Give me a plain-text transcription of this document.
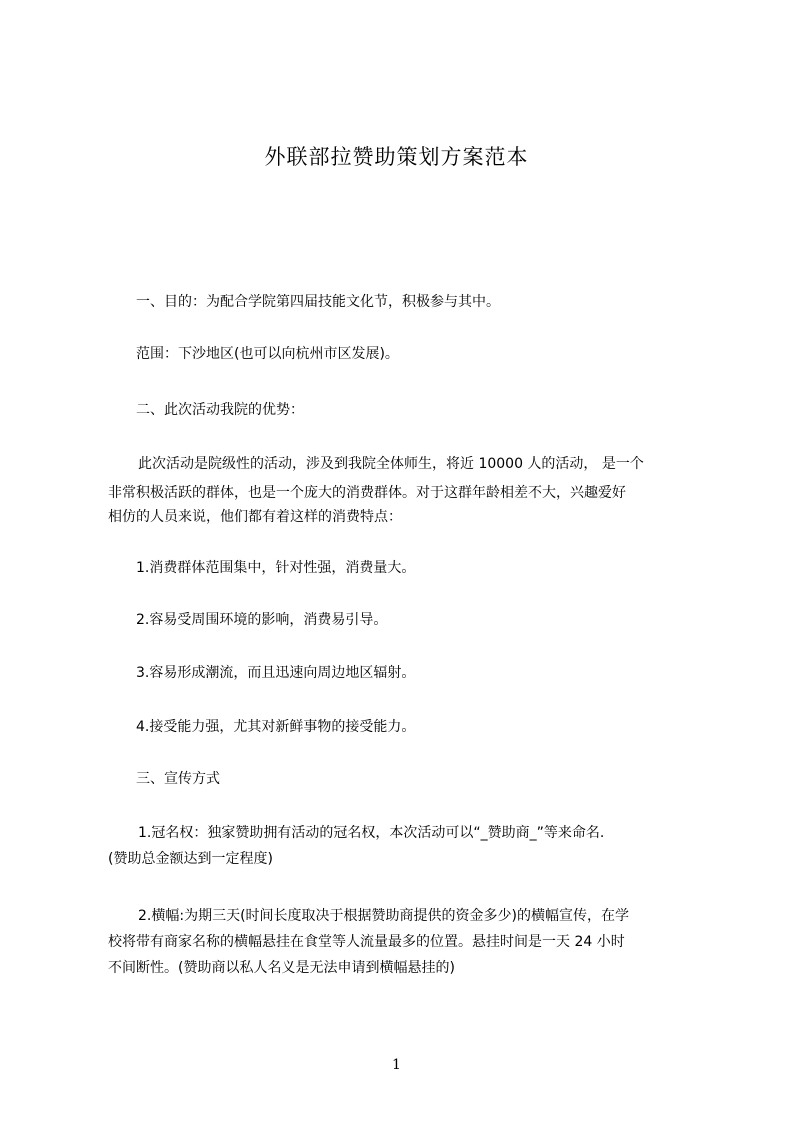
外联部拉赞助策划方案范本
一、目的：为配合学院第四届技能文化节，积极参与其中。
范围：下沙地区(也可以向杭州市区发展)。
二、此次活动我院的优势：
此次活动是院级性的活动，涉及到我院全体师生，将近 10000 人的活动， 是一个
非常积极活跃的群体，也是一个庞大的消费群体。对于这群年龄相差不大，兴趣爱好
相仿的人员来说，他们都有着这样的消费特点：
1.消费群体范围集中，针对性强，消费量大。
2.容易受周围环境的影响，消费易引导。
3.容易形成潮流，而且迅速向周边地区辐射。
4.接受能力强，尤其对新鲜事物的接受能力。
三、宣传方式
1.冠名权：独家赞助拥有活动的冠名权，本次活动可以“_赞助商_”等来命名.
(赞助总金额达到一定程度)
2.横幅:为期三天(时间长度取决于根据赞助商提供的资金多少)的横幅宣传，在学
校将带有商家名称的横幅悬挂在食堂等人流量最多的位置。悬挂时间是一天 24 小时
不间断性。(赞助商以私人名义是无法申请到横幅悬挂的)
1
